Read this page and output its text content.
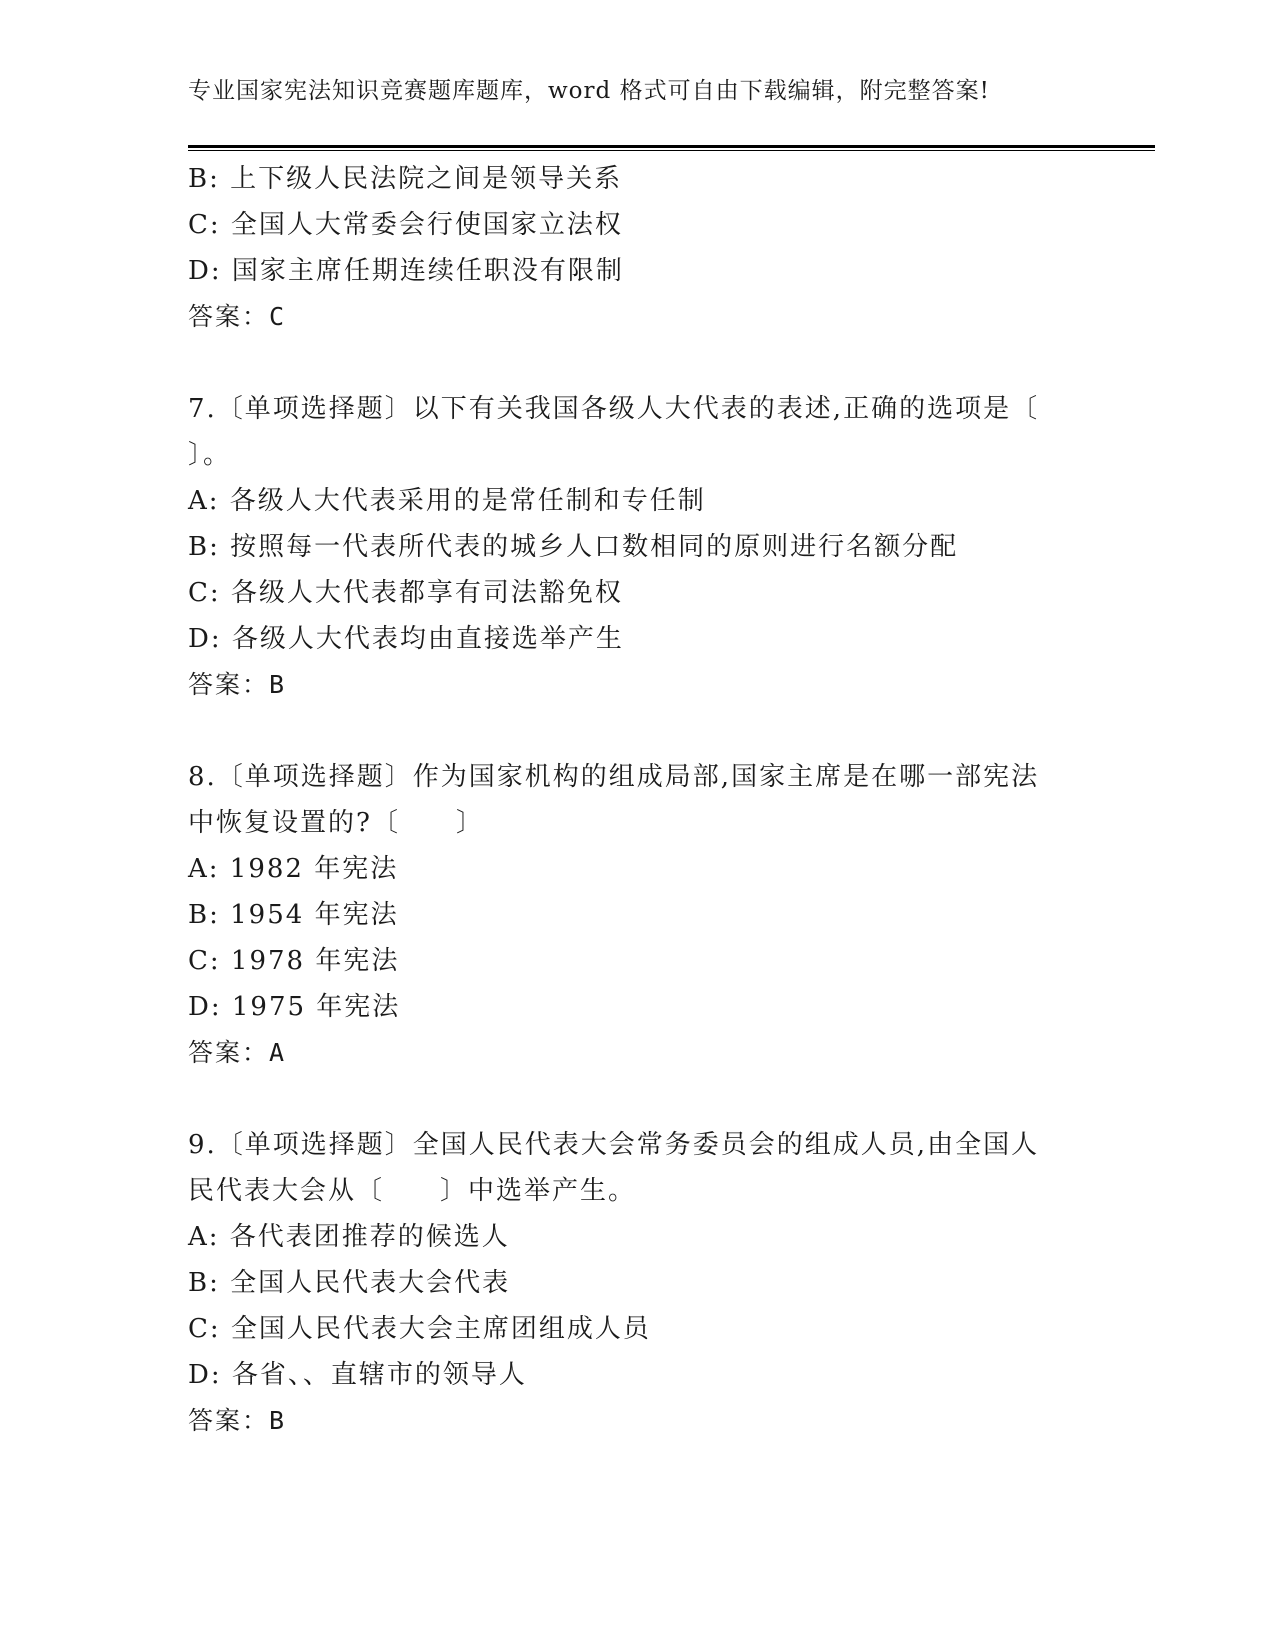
专业国家宪法知识竞赛题库题库，word 格式可自由下载编辑，附完整答案!
B: 上下级人民法院之间是领导关系
C: 全国人大常委会行使国家立法权
D: 国家主席任期连续任职没有限制
答案：C
7.〔单项选择题〕以下有关我国各级人大代表的表述,正确的选项是〔
〕。
A: 各级人大代表采用的是常任制和专任制
B: 按照每一代表所代表的城乡人口数相同的原则进行名额分配
C: 各级人大代表都享有司法豁免权
D: 各级人大代表均由直接选举产生
答案：B
8.〔单项选择题〕作为国家机构的组成局部,国家主席是在哪一部宪法
中恢复设置的?〔　　〕
A: 1982 年宪法
B: 1954 年宪法
C: 1978 年宪法
D: 1975 年宪法
答案：A
9.〔单项选择题〕全国人民代表大会常务委员会的组成人员,由全国人
民代表大会从〔　　〕中选举产生。
A: 各代表团推荐的候选人
B: 全国人民代表大会代表
C: 全国人民代表大会主席团组成人员
D: 各省、、直辖市的领导人
答案：B
